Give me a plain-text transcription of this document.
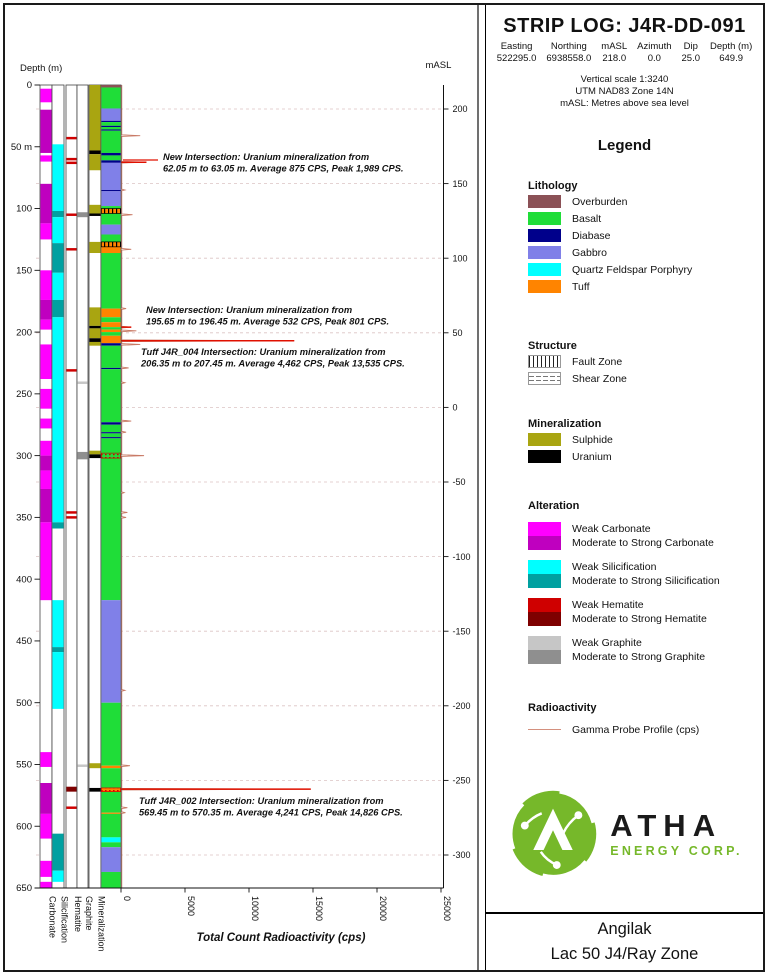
Depth (m)
0
50 m
100
150
200
250
300
350
400
450
500
550
600
650
0	5000	10000	15000	20000	25000
Total Count Radioactivity (cps)
Carbonate Silicification Hematite Graphite Mineralization
mASL
200
150
100
50
0
-50
-100
-150
-200
-250
-300
New Intersection: Uranium mineralization from
62.05 m to 63.05 m. Average 875 CPS, Peak 1,989 CPS.
New Intersection: Uranium mineralization from
195.65 m to 196.45 m. Average 532 CPS, Peak 801 CPS.
Tuff J4R_004 Intersection: Uranium mineralization from
206.35 m to 207.45 m. Average 4,462 CPS, Peak 13,535 CPS.
Tuff J4R_002 Intersection: Uranium mineralization from
569.45 m to 570.35 m. Average 4,241 CPS, Peak 14,826 CPS.
STRIP LOG: J4R-DD-091
Easting
522295.0
Northing
6938558.0
mASL
218.0
Azimuth
0.0
Dip
25.0
Depth (m)
649.9
Vertical scale 1:3240
UTM NAD83 Zone 14N
mASL: Metres above sea level
Legend
Lithology
Overburden
Basalt
Diabase
Gabbro
Quartz Feldspar Porphyry
Tuff
Structure
Fault Zone
Shear Zone
Mineralization
Sulphide
Uranium
Alteration
Weak Carbonate
Moderate to Strong Carbonate
Weak Silicification
Moderate to Strong Silicification
Weak Hematite
Moderate to Strong Hematite
Weak Graphite
Moderate to Strong Graphite
Radioactivity
Gamma Probe Profile (cps)
ATHA
ENERGY CORP.
Angilak
Lac 50 J4/Ray Zone
